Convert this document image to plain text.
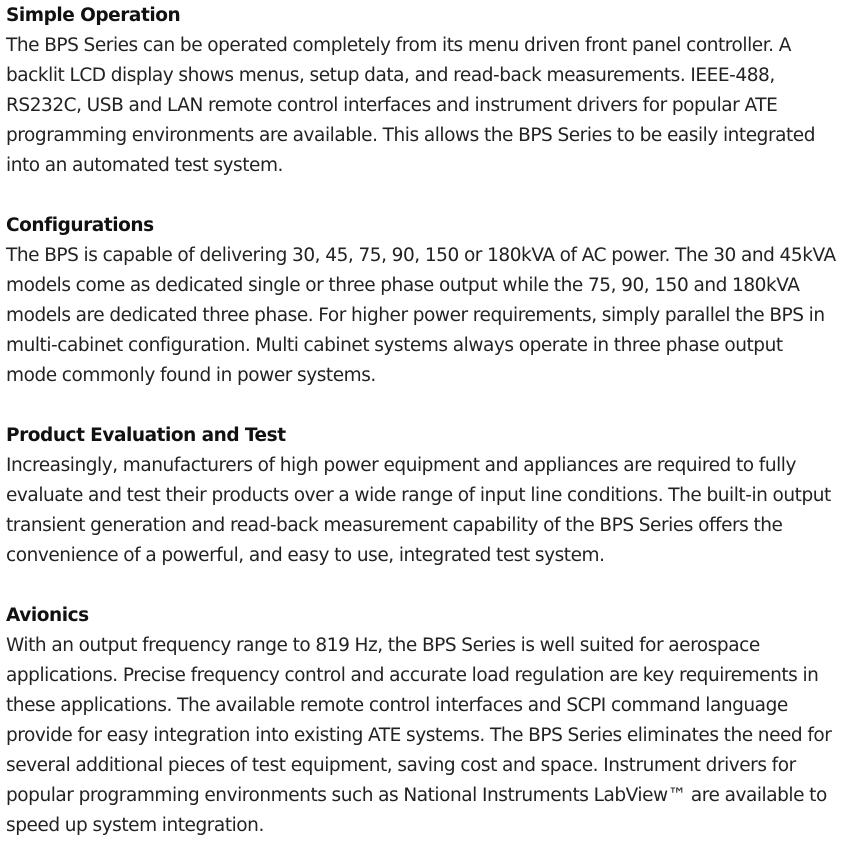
Simple Operation
The BPS Series can be operated completely from its menu driven front panel controller. A
backlit LCD display shows menus, setup data, and read-back measurements. IEEE-488,
RS232C, USB and LAN remote control interfaces and instrument drivers for popular ATE
programming environments are available. This allows the BPS Series to be easily integrated
into an automated test system.
Configurations
The BPS is capable of delivering 30, 45, 75, 90, 150 or 180kVA of AC power. The 30 and 45kVA
models come as dedicated single or three phase output while the 75, 90, 150 and 180kVA
models are dedicated three phase. For higher power requirements, simply parallel the BPS in
multi-cabinet configuration. Multi cabinet systems always operate in three phase output
mode commonly found in power systems.
Product Evaluation and Test
Increasingly, manufacturers of high power equipment and appliances are required to fully
evaluate and test their products over a wide range of input line conditions. The built-in output
transient generation and read-back measurement capability of the BPS Series offers the
convenience of a powerful, and easy to use, integrated test system.
Avionics
With an output frequency range to 819 Hz, the BPS Series is well suited for aerospace
applications. Precise frequency control and accurate load regulation are key requirements in
these applications. The available remote control interfaces and SCPI command language
provide for easy integration into existing ATE systems. The BPS Series eliminates the need for
several additional pieces of test equipment, saving cost and space. Instrument drivers for
popular programming environments such as National Instruments LabView™ are available to
speed up system integration.
